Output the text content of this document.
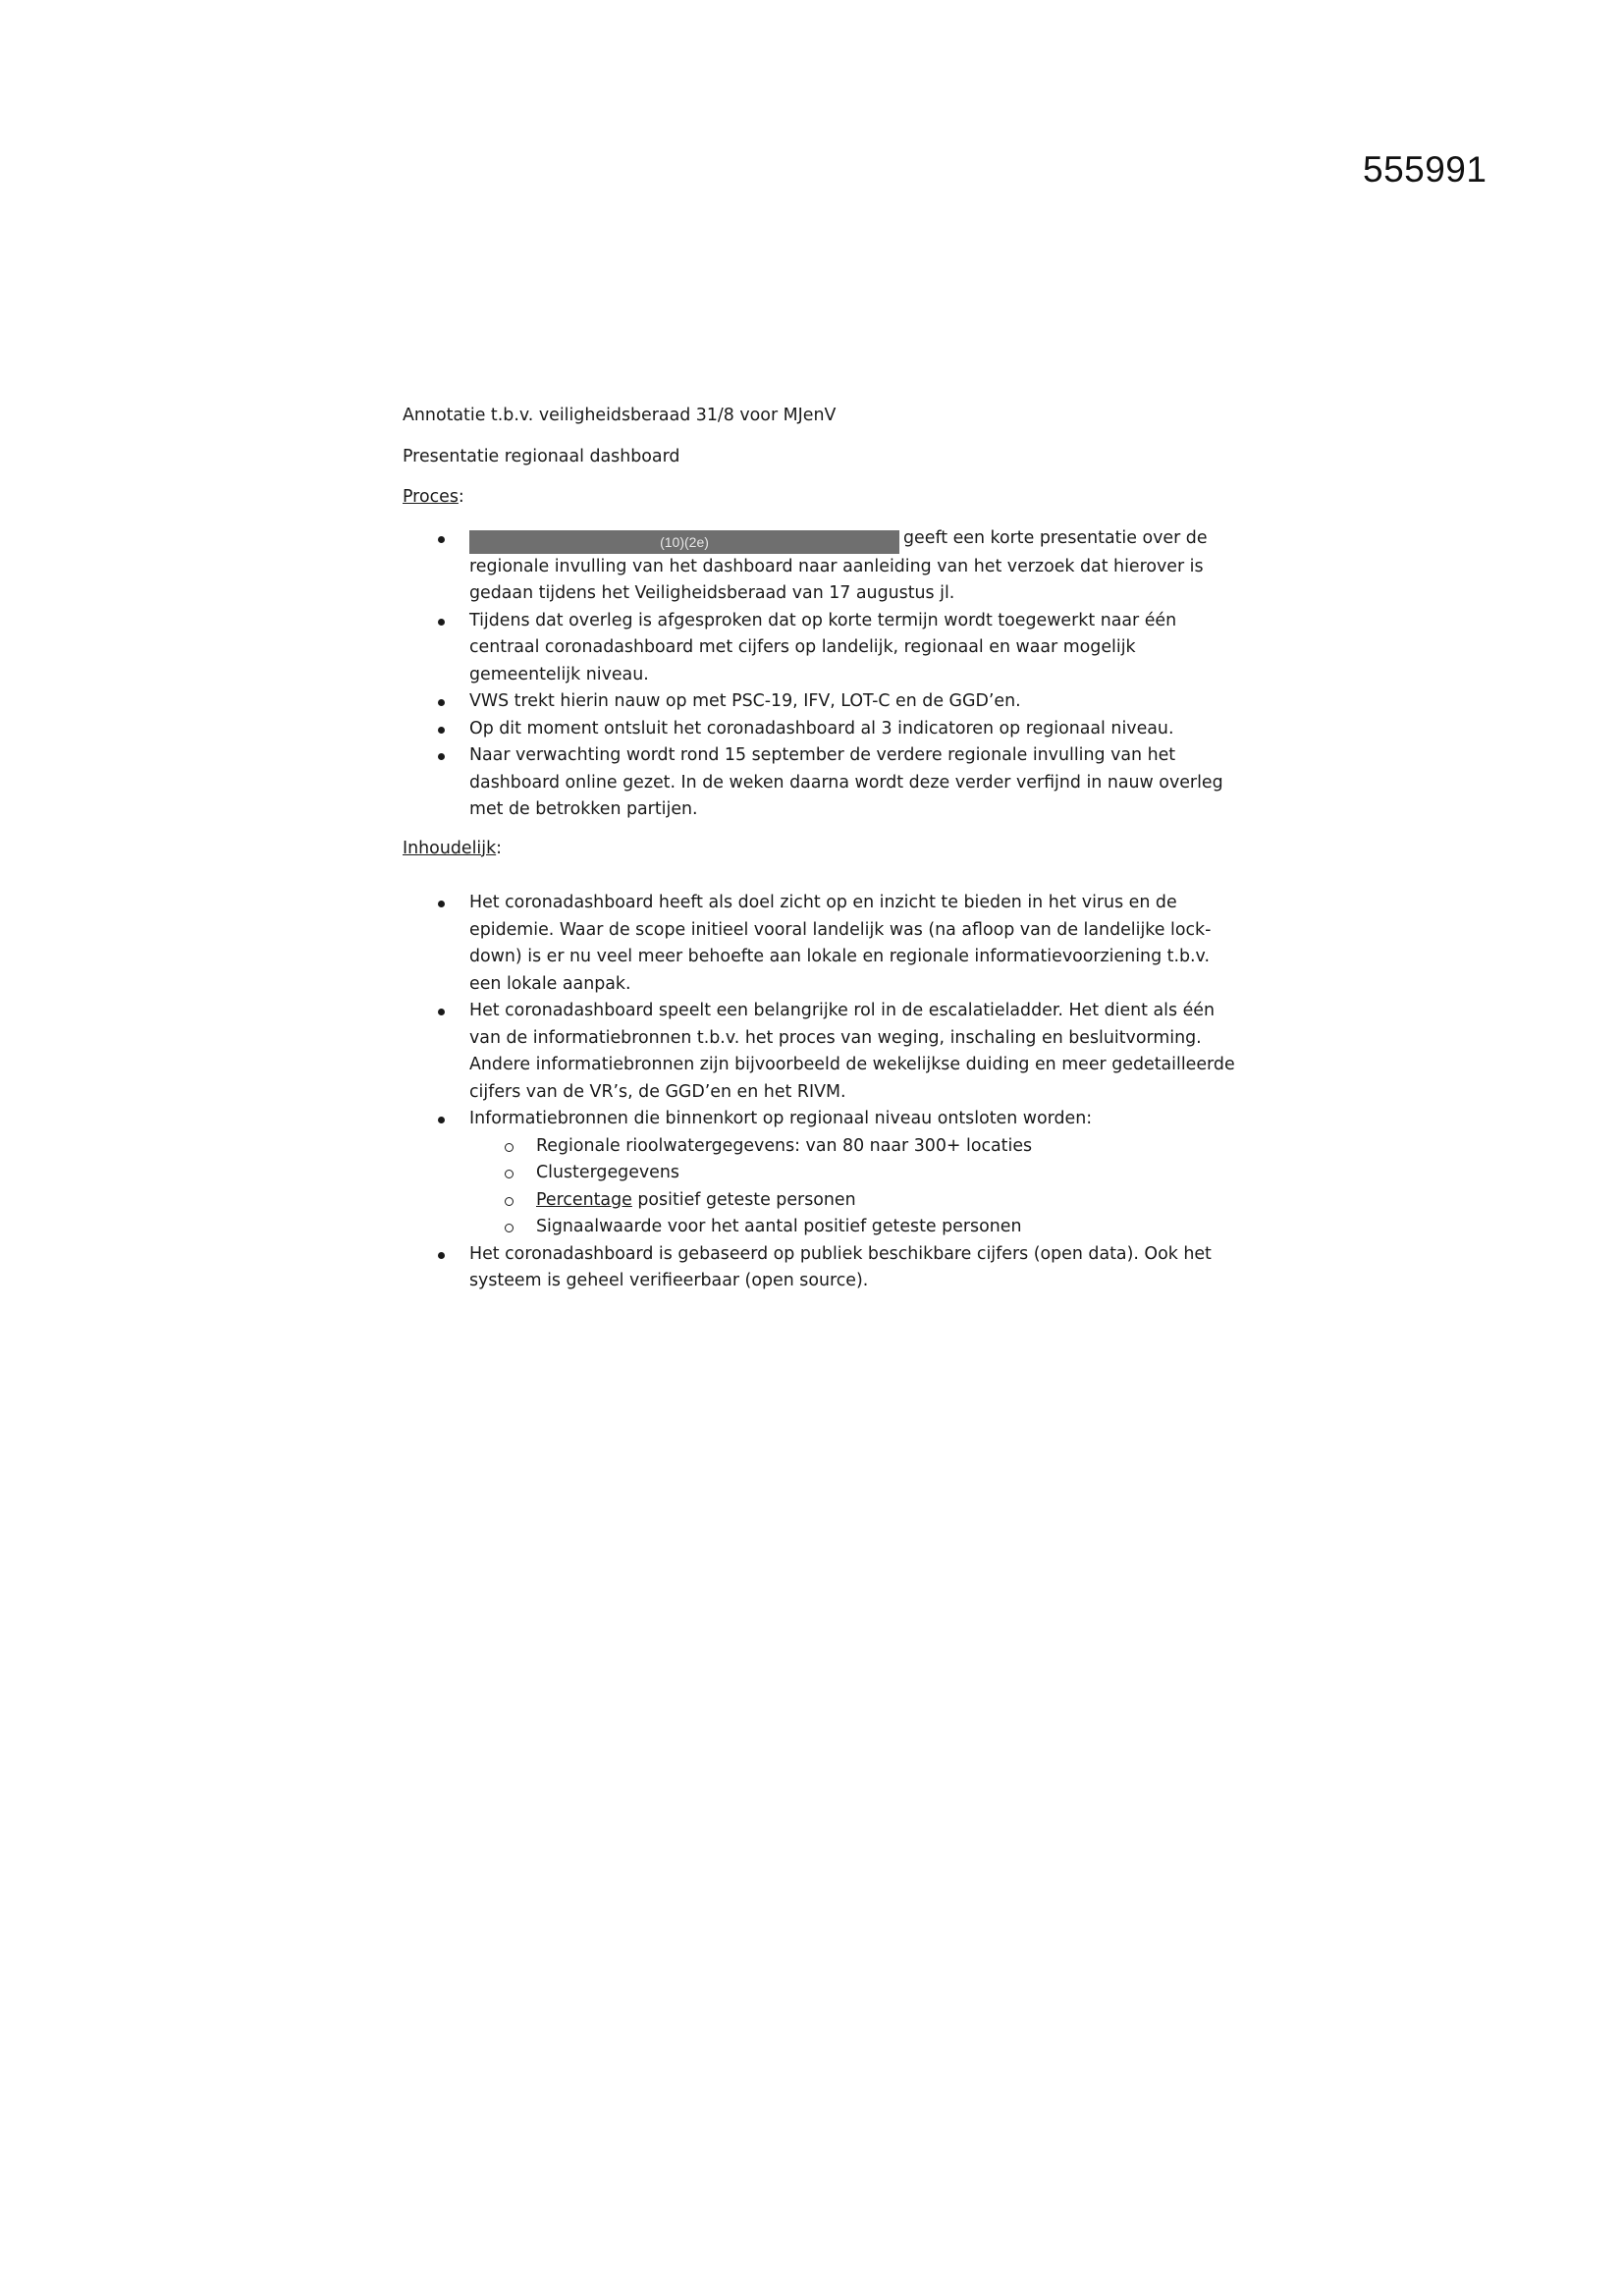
555991

Annotatie t.b.v. veiligheidsberaad 31/8 voor MJenV

Presentatie regionaal dashboard

Proces:

(10)(2e)	geeft een korte presentatie over de regionale invulling van het dashboard naar aanleiding van het verzoek dat hierover is gedaan tijdens het Veiligheidsberaad van 17 augustus jl.
Tijdens dat overleg is afgesproken dat op korte termijn wordt toegewerkt naar één centraal coronadashboard met cijfers op landelijk, regionaal en waar mogelijk gemeentelijk niveau.
VWS trekt hierin nauw op met PSC-19, IFV, LOT-C en de GGD’en.
Op dit moment ontsluit het coronadashboard al 3 indicatoren op regionaal niveau.
Naar verwachting wordt rond 15 september de verdere regionale invulling van het dashboard online gezet. In de weken daarna wordt deze verder verfijnd in nauw overleg met de betrokken partijen.

Inhoudelijk:

Het coronadashboard heeft als doel zicht op en inzicht te bieden in het virus en de epidemie. Waar de scope initieel vooral landelijk was (na afloop van de landelijke lock-down) is er nu veel meer behoefte aan lokale en regionale informatievoorziening t.b.v. een lokale aanpak.
Het coronadashboard speelt een belangrijke rol in de escalatieladder. Het dient als één van de informatiebronnen t.b.v. het proces van weging, inschaling en besluitvorming. Andere informatiebronnen zijn bijvoorbeeld de wekelijkse duiding en meer gedetailleerde cijfers van de VR’s, de GGD’en en het RIVM.
Informatiebronnen die binnenkort op regionaal niveau ontsloten worden:
Regionale rioolwatergegevens: van 80 naar 300+ locaties
Clustergegevens
Percentage positief geteste personen
Signaalwaarde voor het aantal positief geteste personen
Het coronadashboard is gebaseerd op publiek beschikbare cijfers (open data). Ook het systeem is geheel verifieerbaar (open source).
